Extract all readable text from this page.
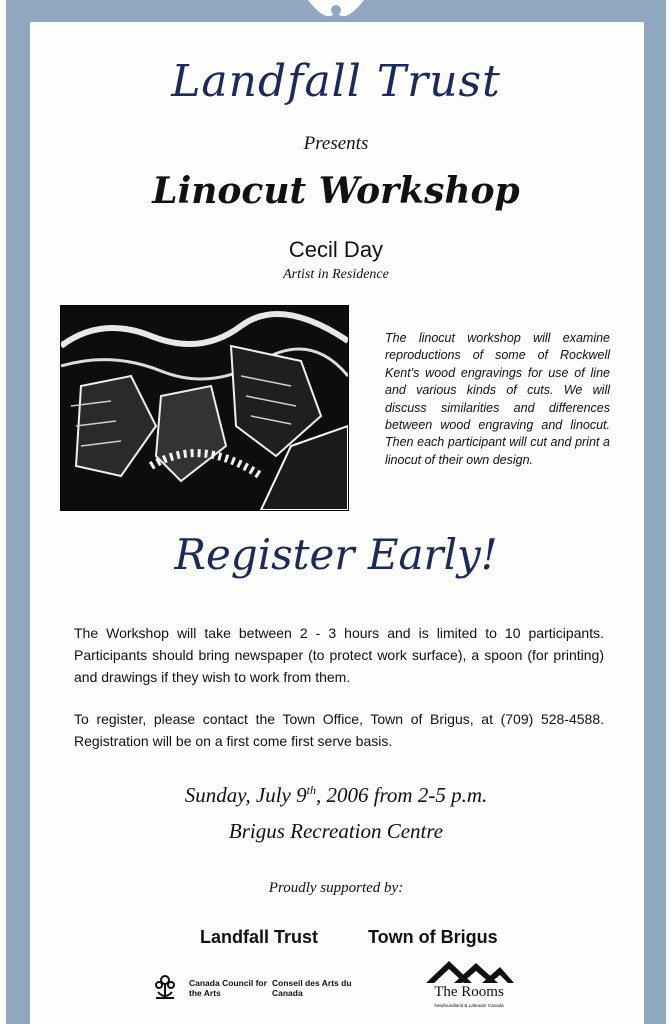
Landfall Trust
Presents
Linocut Workshop
Cecil Day
Artist in Residence
The linocut workshop will examine reproductions of some of Rockwell Kent's wood engravings for use of line and various kinds of cuts. We will discuss similarities and differences between wood engraving and linocut. Then each participant will cut and print a linocut of their own design.
Register Early!
The Workshop will take between 2 - 3 hours and is limited to 10 participants. Participants should bring newspaper (to protect work surface), a spoon (for printing) and drawings if they wish to work from them.
To register, please contact the Town Office, Town of Brigus, at (709) 528-4588. Registration will be on a first come first serve basis.
Sunday, July 9th, 2006 from 2-5 p.m.
Brigus Recreation Centre
Proudly supported by:
Landfall Trust	Town of Brigus
Canada Council for the Arts
Conseil des Arts du Canada	The Rooms
Newfoundland & Labrador Canada
